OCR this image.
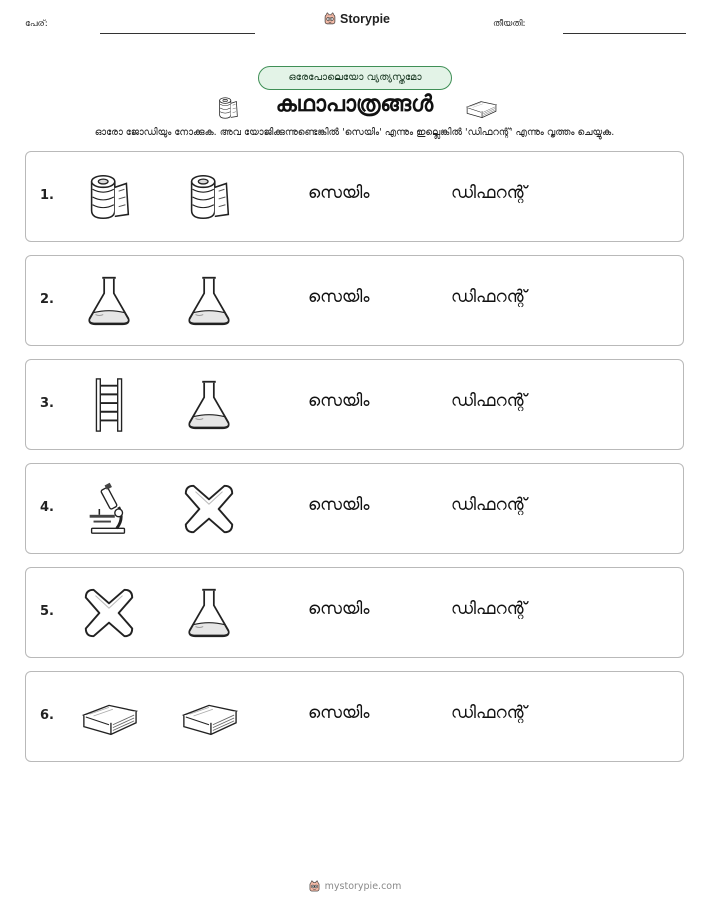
പേര്:	Storypie	തീയതി:
ഒരേപോലെയോ വ്യത്യസ്തമോ
കഥാപാത്രങ്ങൾ
ഓരോ ജോഡിയും നോക്കുക. അവ യോജിക്കുന്നുണ്ടെങ്കിൽ 'സെയിം' എന്നും ഇല്ലെങ്കിൽ 'ഡിഫറന്റ്' എന്നും വൃത്തം ചെയ്യുക.
1.	സെയിം	ഡിഫറന്റ്
2.	സെയിം	ഡിഫറന്റ്
3.	സെയിം	ഡിഫറന്റ്
4.	സെയിം	ഡിഫറന്റ്
5.	സെയിം	ഡിഫറന്റ്
6.	സെയിം	ഡിഫറന്റ്
mystorypie.com
